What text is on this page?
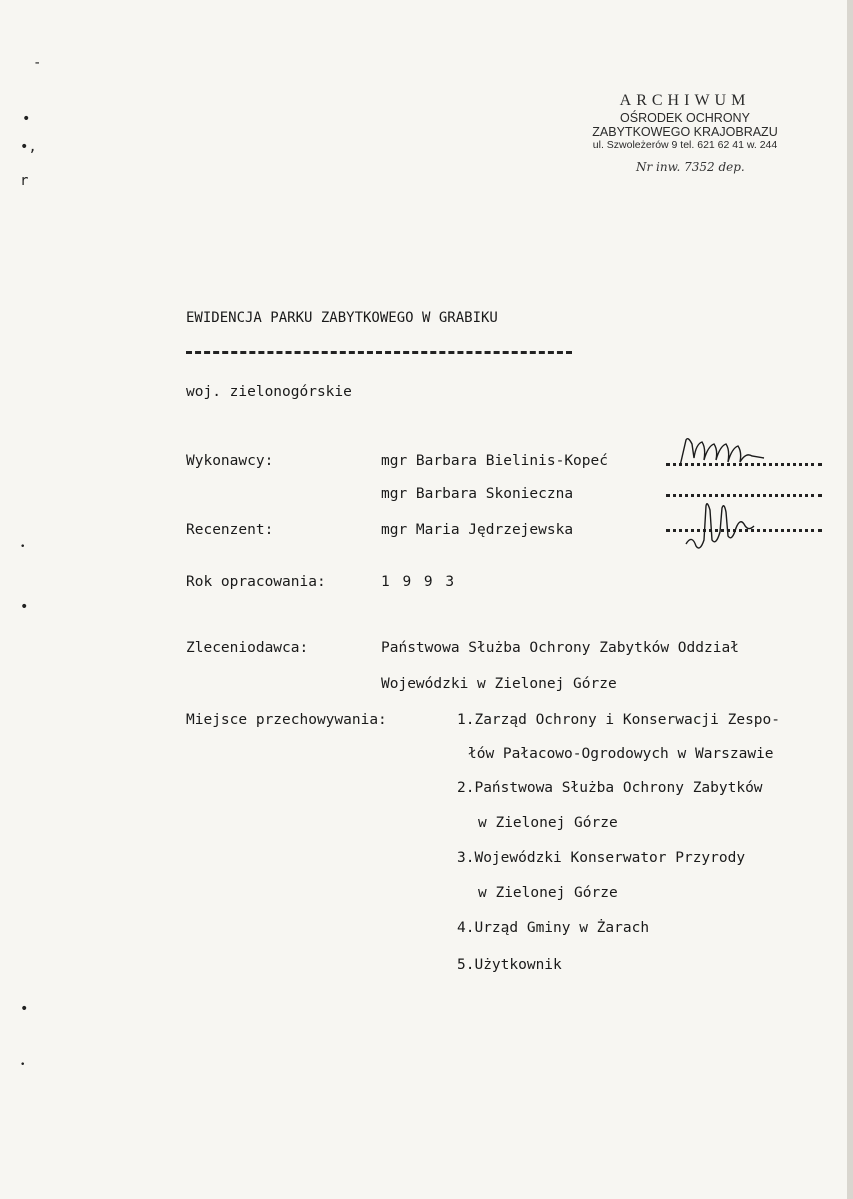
-
•
•,
r
•
•
•
•
ARCHIWUM
OŚRODEK OCHRONY
ZABYTKOWEGO KRAJOBRAZU
ul. Szwoleżerów 9 tel. 621 62 41 w. 244
Nr inw. 7352 dep.
EWIDENCJA PARKU ZABYTKOWEGO W GRABIKU
woj. zielonogórskie
Wykonawcy:	mgr Barbara Bielinis-Kopeć
mgr Barbara Skonieczna
Recenzent:	mgr Maria Jędrzejewska
Rok opracowania:	1 9 9 3
Zleceniodawca:	Państwowa Służba Ochrony Zabytków Oddział
Wojewódzki w Zielonej Górze
Miejsce przechowywania:	1.Zarząd Ochrony i Konserwacji Zespo-
łów Pałacowo-Ogrodowych w Warszawie
2.Państwowa Służba Ochrony Zabytków
w Zielonej Górze
3.Wojewódzki Konserwator Przyrody
w Zielonej Górze
4.Urząd Gminy w Żarach
5.Użytkownik
